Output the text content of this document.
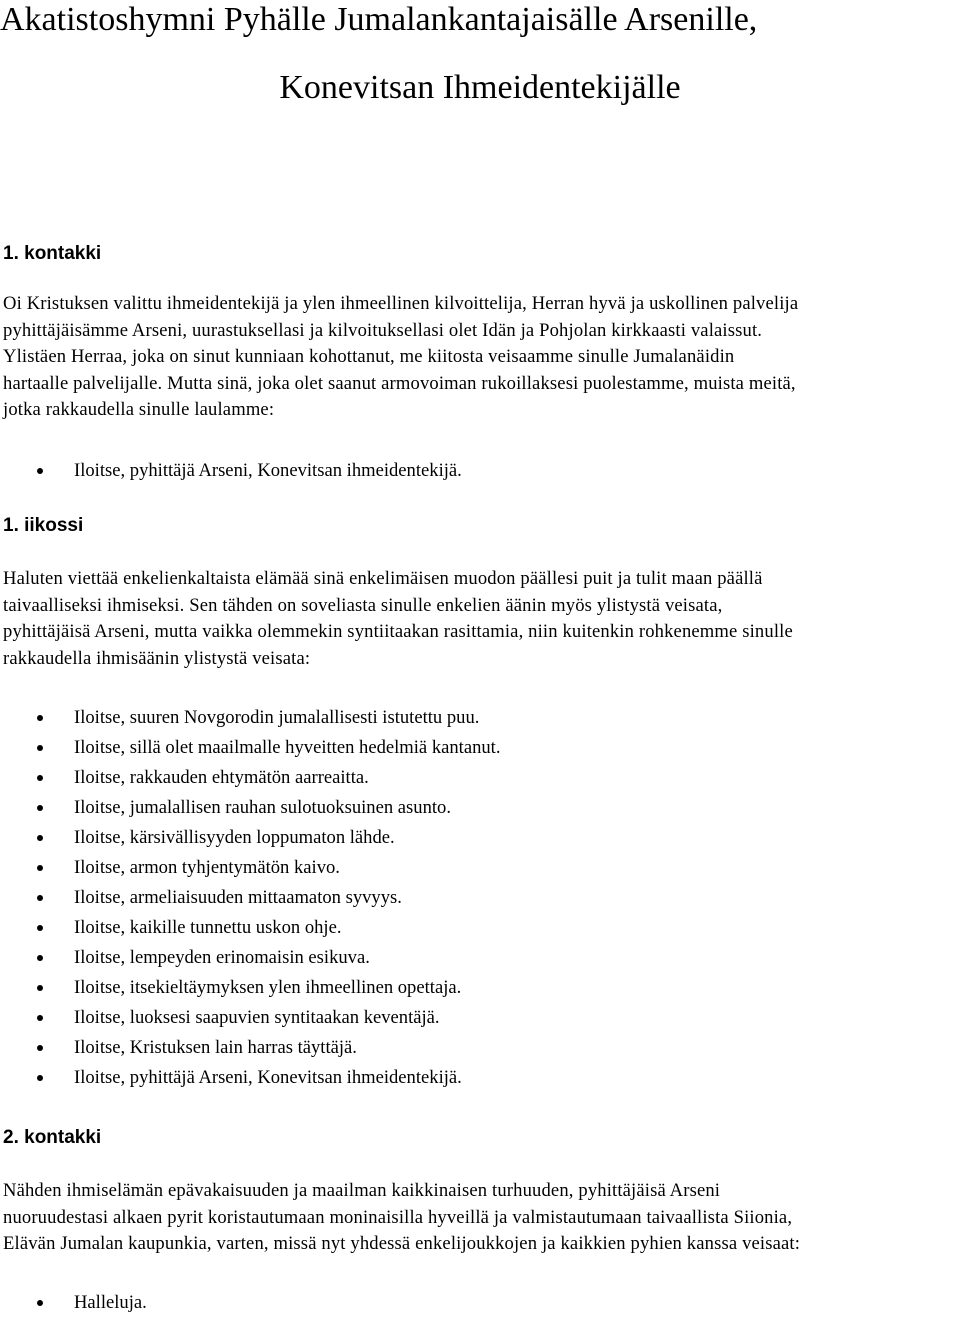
Akatistoshymni Pyhälle Jumalankantajaisälle Arsenille,
Konevitsan Ihmeidentekijälle
1. kontakki

Oi Kristuksen valittu ihmeidentekijä ja ylen ihmeellinen kilvoittelija, Herran hyvä ja uskollinen palvelija
pyhittäjäisämme Arseni, uurastuksellasi ja kilvoituksellasi olet Idän ja Pohjolan kirkkaasti valaissut.
Ylistäen Herraa, joka on sinut kunniaan kohottanut, me kiitosta veisaamme sinulle Jumalanäidin
hartaalle palvelijalle. Mutta sinä, joka olet saanut armovoiman rukoillaksesi puolestamme, muista meitä,
jotka rakkaudella sinulle laulamme:

Iloitse, pyhittäjä Arseni, Konevitsan ihmeidentekijä.
1. iikossi

Haluten viettää enkelienkaltaista elämää sinä enkelimäisen muodon päällesi puit ja tulit maan päällä
taivaalliseksi ihmiseksi. Sen tähden on soveliasta sinulle enkelien äänin myös ylistystä veisata,
pyhittäjäisä Arseni, mutta vaikka olemmekin syntiitaakan rasittamia, niin kuitenkin rohkenemme sinulle
rakkaudella ihmisäänin ylistystä veisata:

Iloitse, suuren Novgorodin jumalallisesti istutettu puu.
Iloitse, sillä olet maailmalle hyveitten hedelmiä kantanut.
Iloitse, rakkauden ehtymätön aarreaitta.
Iloitse, jumalallisen rauhan sulotuoksuinen asunto.
Iloitse, kärsivällisyyden loppumaton lähde.
Iloitse, armon tyhjentymätön kaivo.
Iloitse, armeliaisuuden mittaamaton syvyys.
Iloitse, kaikille tunnettu uskon ohje.
Iloitse, lempeyden erinomaisin esikuva.
Iloitse, itsekieltäymyksen ylen ihmeellinen opettaja.
Iloitse, luoksesi saapuvien syntitaakan keventäjä.
Iloitse, Kristuksen lain harras täyttäjä.
Iloitse, pyhittäjä Arseni, Konevitsan ihmeidentekijä.
2. kontakki

Nähden ihmiselämän epävakaisuuden ja maailman kaikkinaisen turhuuden, pyhittäjäisä Arseni
nuoruudestasi alkaen pyrit koristautumaan moninaisilla hyveillä ja valmistautumaan taivaallista Siionia,
Elävän Jumalan kaupunkia, varten, missä nyt yhdessä enkelijoukkojen ja kaikkien pyhien kanssa veisaat:

Halleluja.
